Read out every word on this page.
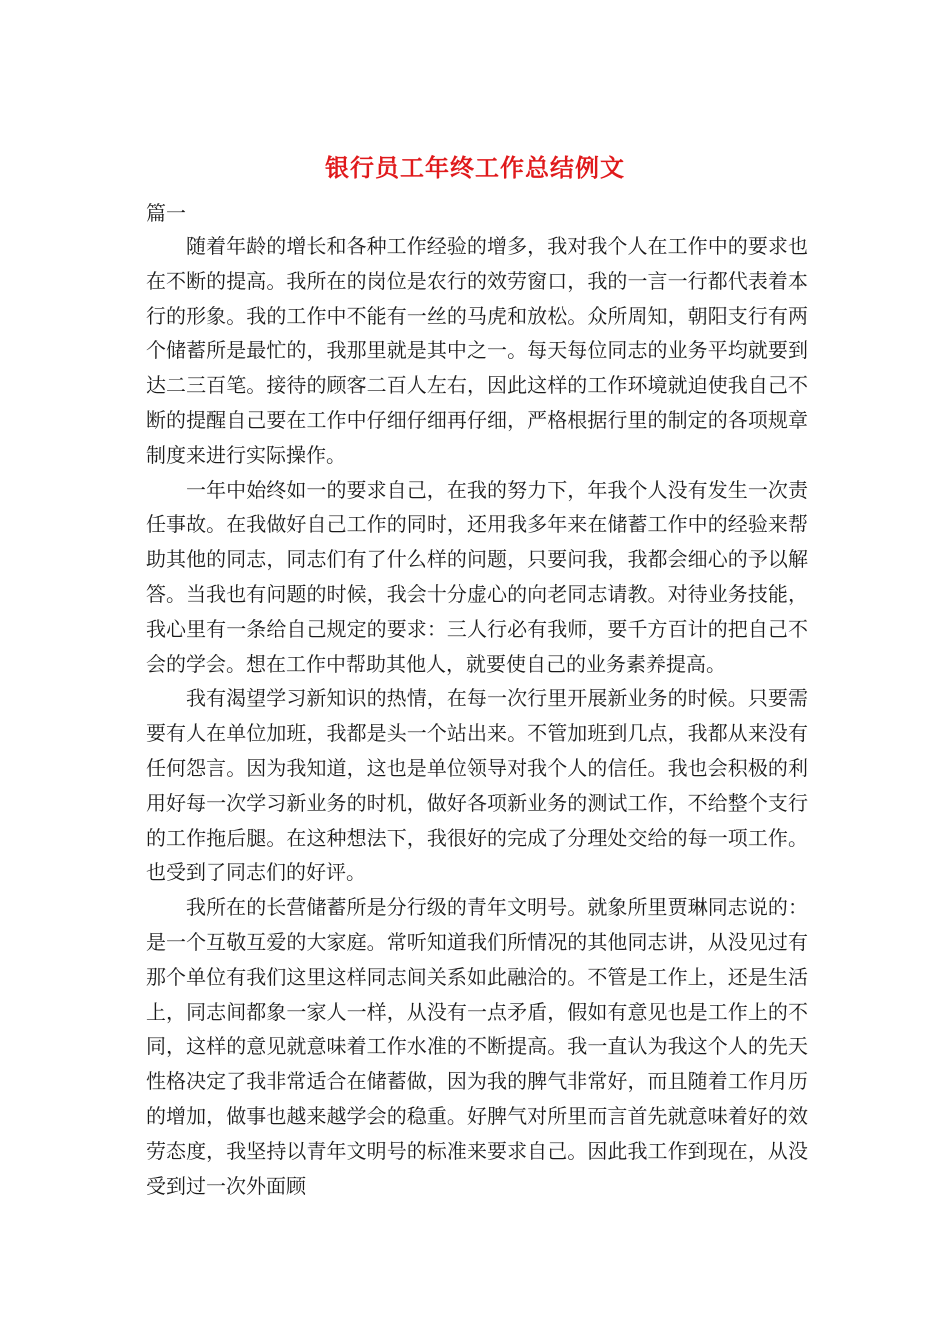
银行员工年终工作总结例文

篇一

随着年龄的增长和各种工作经验的增多，我对我个人在工作中的要求也在不断的提高。我所在的岗位是农行的效劳窗口，我的一言一行都代表着本行的形象。我的工作中不能有一丝的马虎和放松。众所周知，朝阳支行有两个储蓄所是最忙的，我那里就是其中之一。每天每位同志的业务平均就要到达二三百笔。接待的顾客二百人左右，因此这样的工作环境就迫使我自己不断的提醒自己要在工作中仔细仔细再仔细，严格根据行里的制定的各项规章制度来进行实际操作。

一年中始终如一的要求自己，在我的努力下，年我个人没有发生一次责任事故。在我做好自己工作的同时，还用我多年来在储蓄工作中的经验来帮助其他的同志，同志们有了什么样的问题，只要问我，我都会细心的予以解答。当我也有问题的时候，我会十分虚心的向老同志请教。对待业务技能，我心里有一条给自己规定的要求：三人行必有我师，要千方百计的把自己不会的学会。想在工作中帮助其他人，就要使自己的业务素养提高。

我有渴望学习新知识的热情，在每一次行里开展新业务的时候。只要需要有人在单位加班，我都是头一个站出来。不管加班到几点，我都从来没有任何怨言。因为我知道，这也是单位领导对我个人的信任。我也会积极的利用好每一次学习新业务的时机，做好各项新业务的测试工作，不给整个支行的工作拖后腿。在这种想法下，我很好的完成了分理处交给的每一项工作。也受到了同志们的好评。

我所在的长营储蓄所是分行级的青年文明号。就象所里贾琳同志说的：是一个互敬互爱的大家庭。常听知道我们所情况的其他同志讲，从没见过有那个单位有我们这里这样同志间关系如此融洽的。不管是工作上，还是生活上，同志间都象一家人一样，从没有一点矛盾，假如有意见也是工作上的不同，这样的意见就意味着工作水准的不断提高。我一直认为我这个人的先天性格决定了我非常适合在储蓄做，因为我的脾气非常好，而且随着工作月历的增加，做事也越来越学会的稳重。好脾气对所里而言首先就意味着好的效劳态度，我坚持以青年文明号的标准来要求自己。因此我工作到现在，从没受到过一次外面顾
